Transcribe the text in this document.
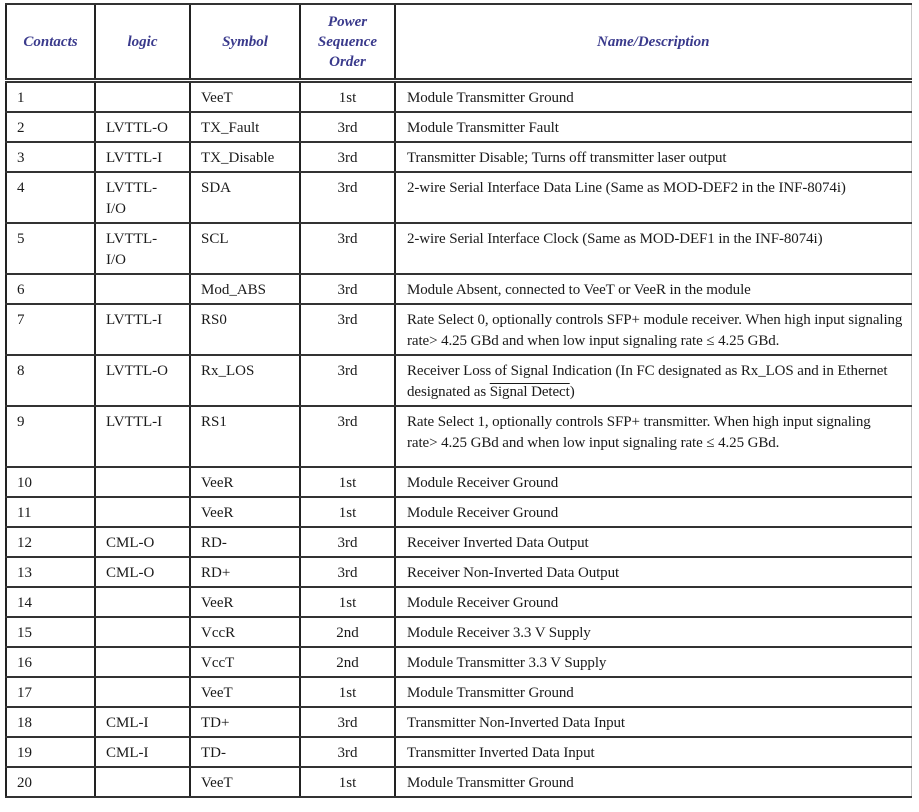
Contacts	logic	Symbol	Power
Sequence
Order	Name/Description
1		VeeT	1st	Module Transmitter Ground
2	LVTTL-O	TX_Fault	3rd	Module Transmitter Fault
3	LVTTL-I	TX_Disable	3rd	Transmitter Disable; Turns off transmitter laser output
4	LVTTL-I/O	SDA	3rd	2-wire Serial Interface Data Line (Same as MOD-DEF2 in the INF-8074i)
5	LVTTL-I/O	SCL	3rd	2-wire Serial Interface Clock (Same as MOD-DEF1 in the INF-8074i)
6		Mod_ABS	3rd	Module Absent, connected to VeeT or VeeR in the module
7	LVTTL-I	RS0	3rd	Rate Select 0, optionally controls SFP+ module receiver. When high input signaling rate> 4.25 GBd and when low input signaling rate ≤ 4.25 GBd.
8	LVTTL-O	Rx_LOS	3rd	Receiver Loss of Signal Indication (In FC designated as Rx_LOS and in Ethernet designated as Signal Detect)
9	LVTTL-I	RS1	3rd	Rate Select 1, optionally controls SFP+ transmitter. When high input signaling rate> 4.25 GBd and when low input signaling rate ≤ 4.25 GBd.
10		VeeR	1st	Module Receiver Ground
11		VeeR	1st	Module Receiver Ground
12	CML-O	RD-	3rd	Receiver Inverted Data Output
13	CML-O	RD+	3rd	Receiver Non-Inverted Data Output
14		VeeR	1st	Module Receiver Ground
15		VccR	2nd	Module Receiver 3.3 V Supply
16		VccT	2nd	Module Transmitter 3.3 V Supply
17		VeeT	1st	Module Transmitter Ground
18	CML-I	TD+	3rd	Transmitter Non-Inverted Data Input
19	CML-I	TD-	3rd	Transmitter Inverted Data Input
20		VeeT	1st	Module Transmitter Ground
